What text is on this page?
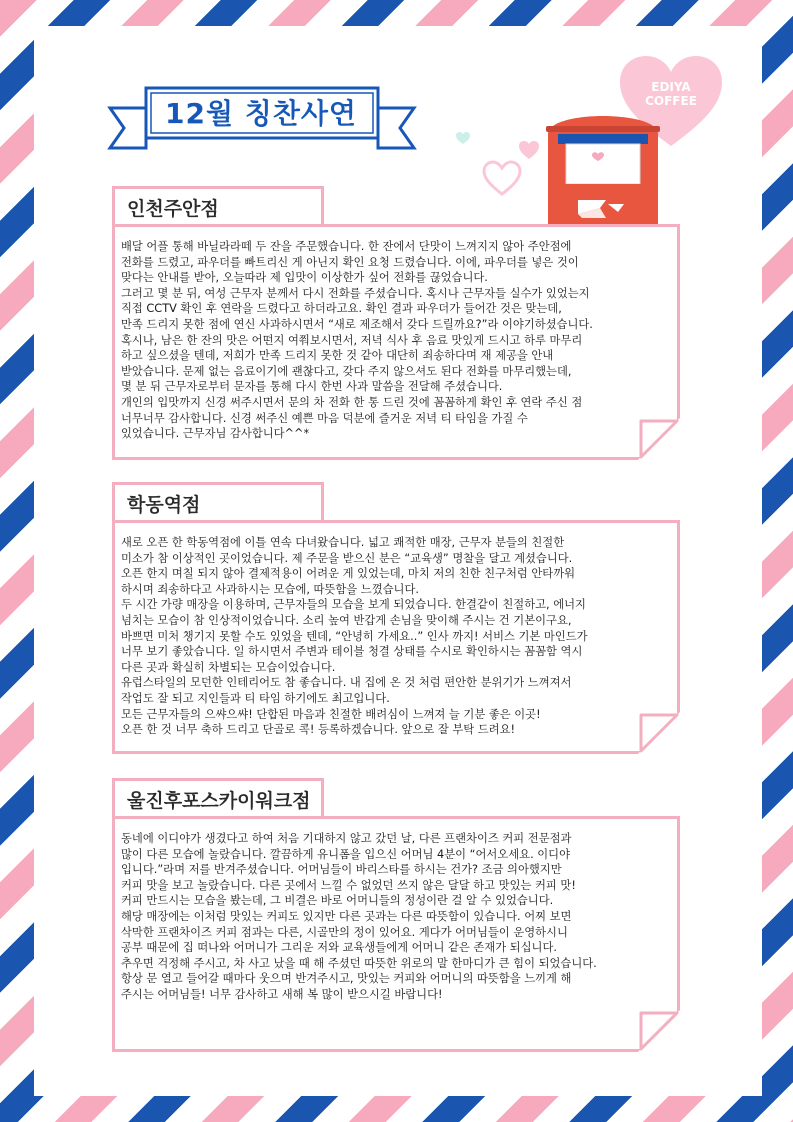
12월 칭찬사연
EDIYA
COFFEE
인천주안점

배달 어플 통해 바닐라라떼 두 잔을 주문했습니다. 한 잔에서 단맛이 느껴지지 않아 주안점에

전화를 드렸고, 파우더를 빠트리신 게 아닌지 확인 요청 드렸습니다. 이에, 파우더를 넣은 것이

맞다는 안내를 받아, 오늘따라 제 입맛이 이상한가 싶어 전화를 끊었습니다.

그러고 몇 분 뒤, 여성 근무자 분께서 다시 전화를 주셨습니다. 혹시나 근무자들 실수가 있었는지

직접 CCTV 확인 후 연락을 드렸다고 하더라고요. 확인 결과 파우더가 들어간 것은 맞는데,

만족 드리지 못한 점에 연신 사과하시면서 “새로 제조해서 갖다 드릴까요?”라 이야기하셨습니다.

혹시나, 남은 한 잔의 맛은 어떤지 여쭤보시면서, 저녁 식사 후 음료 맛있게 드시고 하루 마무리

하고 싶으셨을 텐데, 저희가 만족 드리지 못한 것 같아 대단히 죄송하다며 재 제공을 안내

받았습니다. 문제 없는 음료이기에 괜찮다고, 갖다 주지 않으셔도 된다 전화를 마무리했는데,

몇 분 뒤 근무자로부터 문자를 통해 다시 한번 사과 말씀을 전달해 주셨습니다.

개인의 입맛까지 신경 써주시면서 문의 차 전화 한 통 드린 것에 꼼꼼하게 확인 후 연락 주신 점

너무너무 감사합니다. 신경 써주신 예쁜 마음 덕분에 즐거운 저녁 티 타임을 가질 수

있었습니다. 근무자님 감사합니다^^*

학동역점

새로 오픈 한 학동역점에 이틀 연속 다녀왔습니다. 넓고 쾌적한 매장, 근무자 분들의 친절한

미소가 참 이상적인 곳이었습니다. 제 주문을 받으신 분은 “교육생” 명찰을 달고 계셨습니다.

오픈 한지 며칠 되지 않아 결제적용이 어려운 게 있었는데, 마치 저의 친한 친구처럼 안타까워

하시며 죄송하다고 사과하시는 모습에, 따뜻함을 느꼈습니다.

두 시간 가량 매장을 이용하며, 근무자들의 모습을 보게 되었습니다. 한결같이 친절하고, 에너지

넘치는 모습이 참 인상적이었습니다. 소리 높여 반갑게 손님을 맞이해 주시는 건 기본이구요,

바쁘면 미처 챙기지 못할 수도 있었을 텐데, “안녕히 가세요..” 인사 까지! 서비스 기본 마인드가

너무 보기 좋았습니다. 일 하시면서 주변과 테이블 청결 상태를 수시로 확인하시는 꼼꼼함 역시

다른 곳과 확실히 차별되는 모습이었습니다.

유럽스타일의 모던한 인테리어도 참 좋습니다. 내 집에 온 것 처럼 편안한 분위기가 느껴져서

작업도 잘 되고 지인들과 티 타임 하기에도 최고입니다.

모든 근무자들의 으쌰으쌰! 단합된 마음과 친절한 배려심이 느껴져 늘 기분 좋은 이곳!

오픈 한 것 너무 축하 드리고 단골로 콕! 등록하겠습니다. 앞으로 잘 부탁 드려요!

울진후포스카이워크점

동네에 이디야가 생겼다고 하여 처음 기대하지 않고 갔던 날, 다른 프랜차이즈 커피 전문점과

많이 다른 모습에 놀랐습니다. 깔끔하게 유니폼을 입으신 어머님 4분이 “어서오세요. 이디야

입니다.”라며 저를 반겨주셨습니다. 어머님들이 바리스타를 하시는 건가? 조금 의아했지만

커피 맛을 보고 놀랐습니다. 다른 곳에서 느낄 수 없었던 쓰지 않은 달달 하고 맛있는 커피 맛!

커피 만드시는 모습을 봤는데, 그 비결은 바로 어머니들의 정성이란 걸 알 수 있었습니다.

해당 매장에는 이처럼 맛있는 커피도 있지만 다른 곳과는 다른 따뜻함이 있습니다. 어찌 보면

삭막한 프랜차이즈 커피 점과는 다른, 시골만의 정이 있어요. 게다가 어머님들이 운영하시니

공부 때문에 집 떠나와 어머니가 그리운 저와 교육생들에게 어머니 같은 존재가 되십니다.

추우면 걱정해 주시고, 차 사고 났을 때 해 주셨던 따뜻한 위로의 말 한마디가 큰 힘이 되었습니다.

항상 문 열고 들어갈 때마다 웃으며 반겨주시고, 맛있는 커피와 어머니의 따뜻함을 느끼게 해

주시는 어머님들! 너무 감사하고 새해 복 많이 받으시길 바랍니다!
